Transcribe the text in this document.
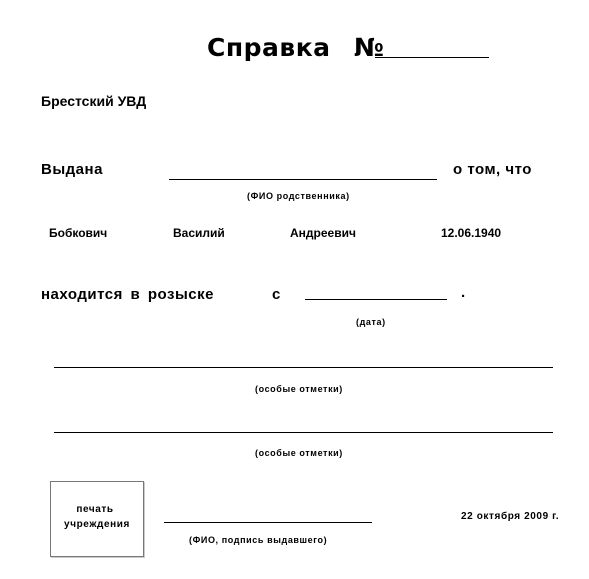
Справка №
Брестский УВД
Выдана	о том, что
(ФИО родственника)
Бобкович	Василий	Андреевич	12.06.1940
находится в розыске	с	.
(дата)
(особые отметки)
(особые отметки)
печать
учреждения
(ФИО, подпись выдавшего)
22 октября 2009 г.
